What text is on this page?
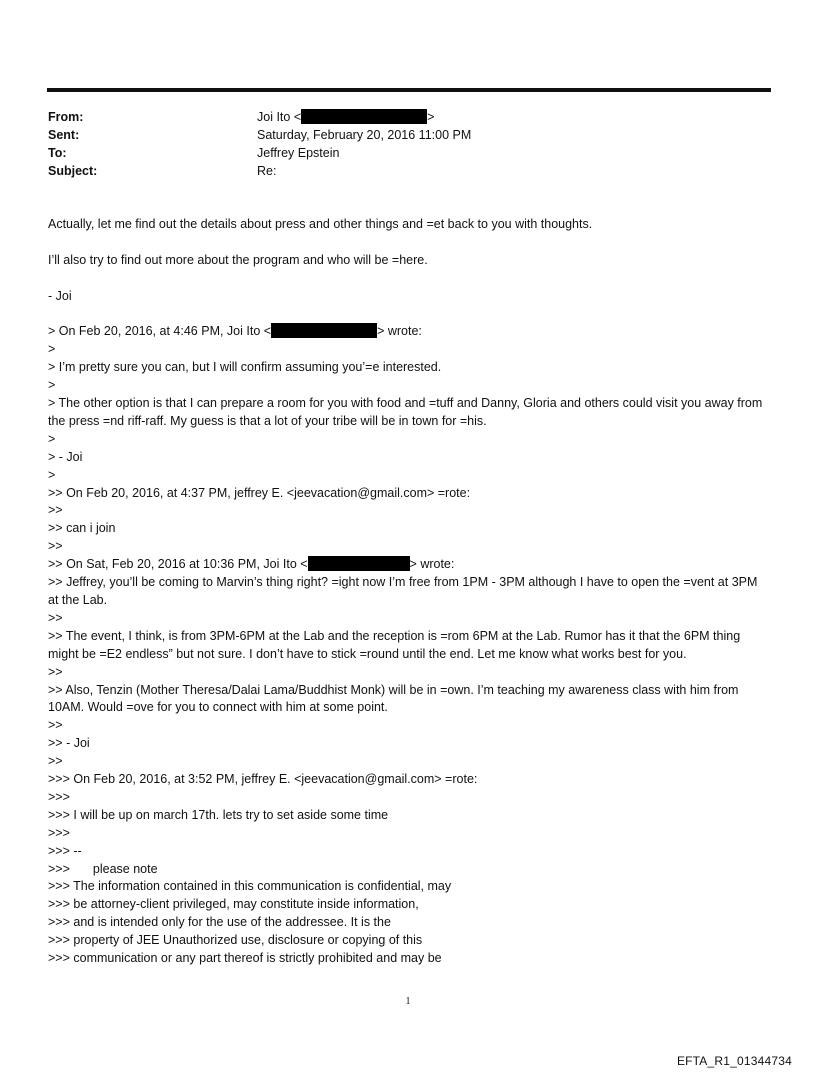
From:	Joi Ito <	>
Sent:	Saturday, February 20, 2016 11:00 PM
To:	Jeffrey Epstein
Subject:	Re:
Actually, let me find out the details about press and other things and =et back to you with thoughts.
I’ll also try to find out more about the program and who will be =here.
- Joi
> On Feb 20, 2016, at 4:46 PM, Joi Ito <	> wrote:
>
> I’m pretty sure you can, but I will confirm assuming you’=e interested.
>
> The other option is that I can prepare a room for you with food and =tuff and Danny, Gloria and others could visit you away from the press =nd riff-raff. My guess is that a lot of your tribe will be in town for =his.
>
> - Joi
>
>> On Feb 20, 2016, at 4:37 PM, jeffrey E. <jeevacation@gmail.com> =rote:
>>
>> can i join
>>
>> On Sat, Feb 20, 2016 at 10:36 PM, Joi Ito <	> wrote:
>> Jeffrey, you’ll be coming to Marvin’s thing right? =ight now I’m free from 1PM - 3PM although I have to open the =vent at 3PM at the Lab.
>>
>> The event, I think, is from 3PM-6PM at the Lab and the reception is =rom 6PM at the Lab. Rumor has it that the 6PM thing might be =E2 endless” but not sure. I don’t have to stick =round until the end. Let me know what works best for you.
>>
>> Also, Tenzin (Mother Theresa/Dalai Lama/Buddhist Monk) will be in =own. I’m teaching my awareness class with him from 10AM. Would =ove for you to connect with him at some point.
>>
>> - Joi
>>
>>> On Feb 20, 2016, at 3:52 PM, jeffrey E. <jeevacation@gmail.com> =rote:
>>>
>>> I will be up on march 17th. lets try to set aside some time
>>>
>>> --
>>> please note
>>> The information contained in this communication is confidential, may
>>> be attorney-client privileged, may constitute inside information,
>>> and is intended only for the use of the addressee. It is the
>>> property of JEE Unauthorized use, disclosure or copying of this
>>> communication or any part thereof is strictly prohibited and may be
1
EFTA_R1_01344734
